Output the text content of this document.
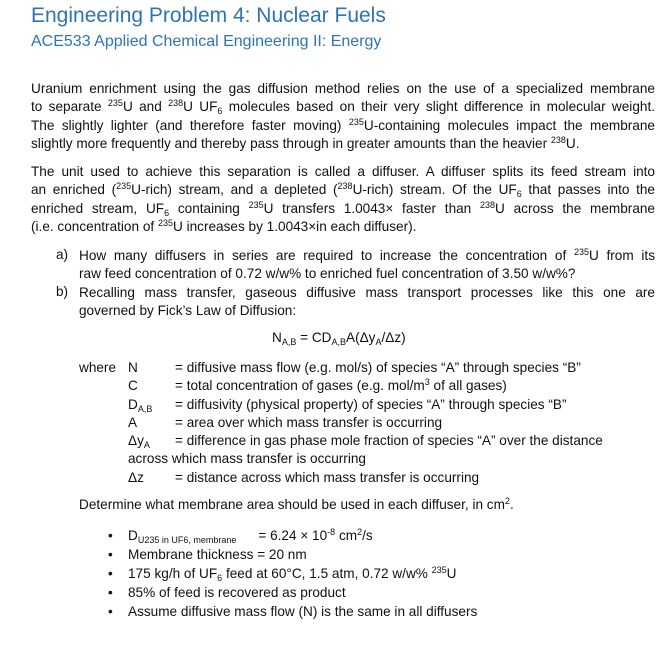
Engineering Problem 4: Nuclear Fuels
ACE533 Applied Chemical Engineering II: Energy
Uranium enrichment using the gas diffusion method relies on the use of a specialized membrane
to separate $^{235}$U and $^{238}$U $UF_6$ molecules based on their very slight difference in molecular weight.
The slightly lighter (and therefore faster moving) $^{235}$U-containing molecules impact the membrane
slightly more frequently and thereby pass through in greater amounts than the heavier $^{238}$U.
The unit used to achieve this separation is called a diffuser. A diffuser splits its feed stream into
an enriched ($^{235}$U-rich) stream, and a depleted ($^{238}$U-rich) stream. Of the $UF_6$ that passes into the
enriched stream, $UF_6$ containing $^{235}$U transfers 1.0043× faster than $^{238}$U across the membrane
(i.e. concentration of $^{235}$U increases by 1.0043×in each diffuser).
a) How many diffusers in series are required to increase the concentration of $^{235}$U from its
raw feed concentration of 0.72 w/w% to enriched fuel concentration of 3.50 w/w%?
b) Recalling mass transfer, gaseous diffusive mass transport processes like this one are
governed by Fick’s Law of Diffusion:
$N_{A,B} = CD_{A,B}A(\Delta y_A/\Delta z)$
where N	= diffusive mass flow (e.g. mol/s) of species “A” through species “B”
C	= total concentration of gases (e.g. mol/$m^3$ of all gases)
$D_{A,B}$ = diffusivity (physical property) of species “A” through species “B”
A	= area over which mass transfer is occurring
$\Delta y_A$ = difference in gas phase mole fraction of species “A” over the distance
across which mass transfer is occurring
Δz = distance across which mass transfer is occurring
Determine what membrane area should be used in each diffuser, in $cm^2$.
• $D_{U235 in UF6, membrane} = 6.24 \times 10^{-8}$ $cm^2/s$
• Membrane thickness = 20 nm
• 175 kg/h of $UF_6$ feed at 60°C, 1.5 atm, 0.72 w/w% $^{235}$U
• 85% of feed is recovered as product
• Assume diffusive mass flow (N) is the same in all diffusers
